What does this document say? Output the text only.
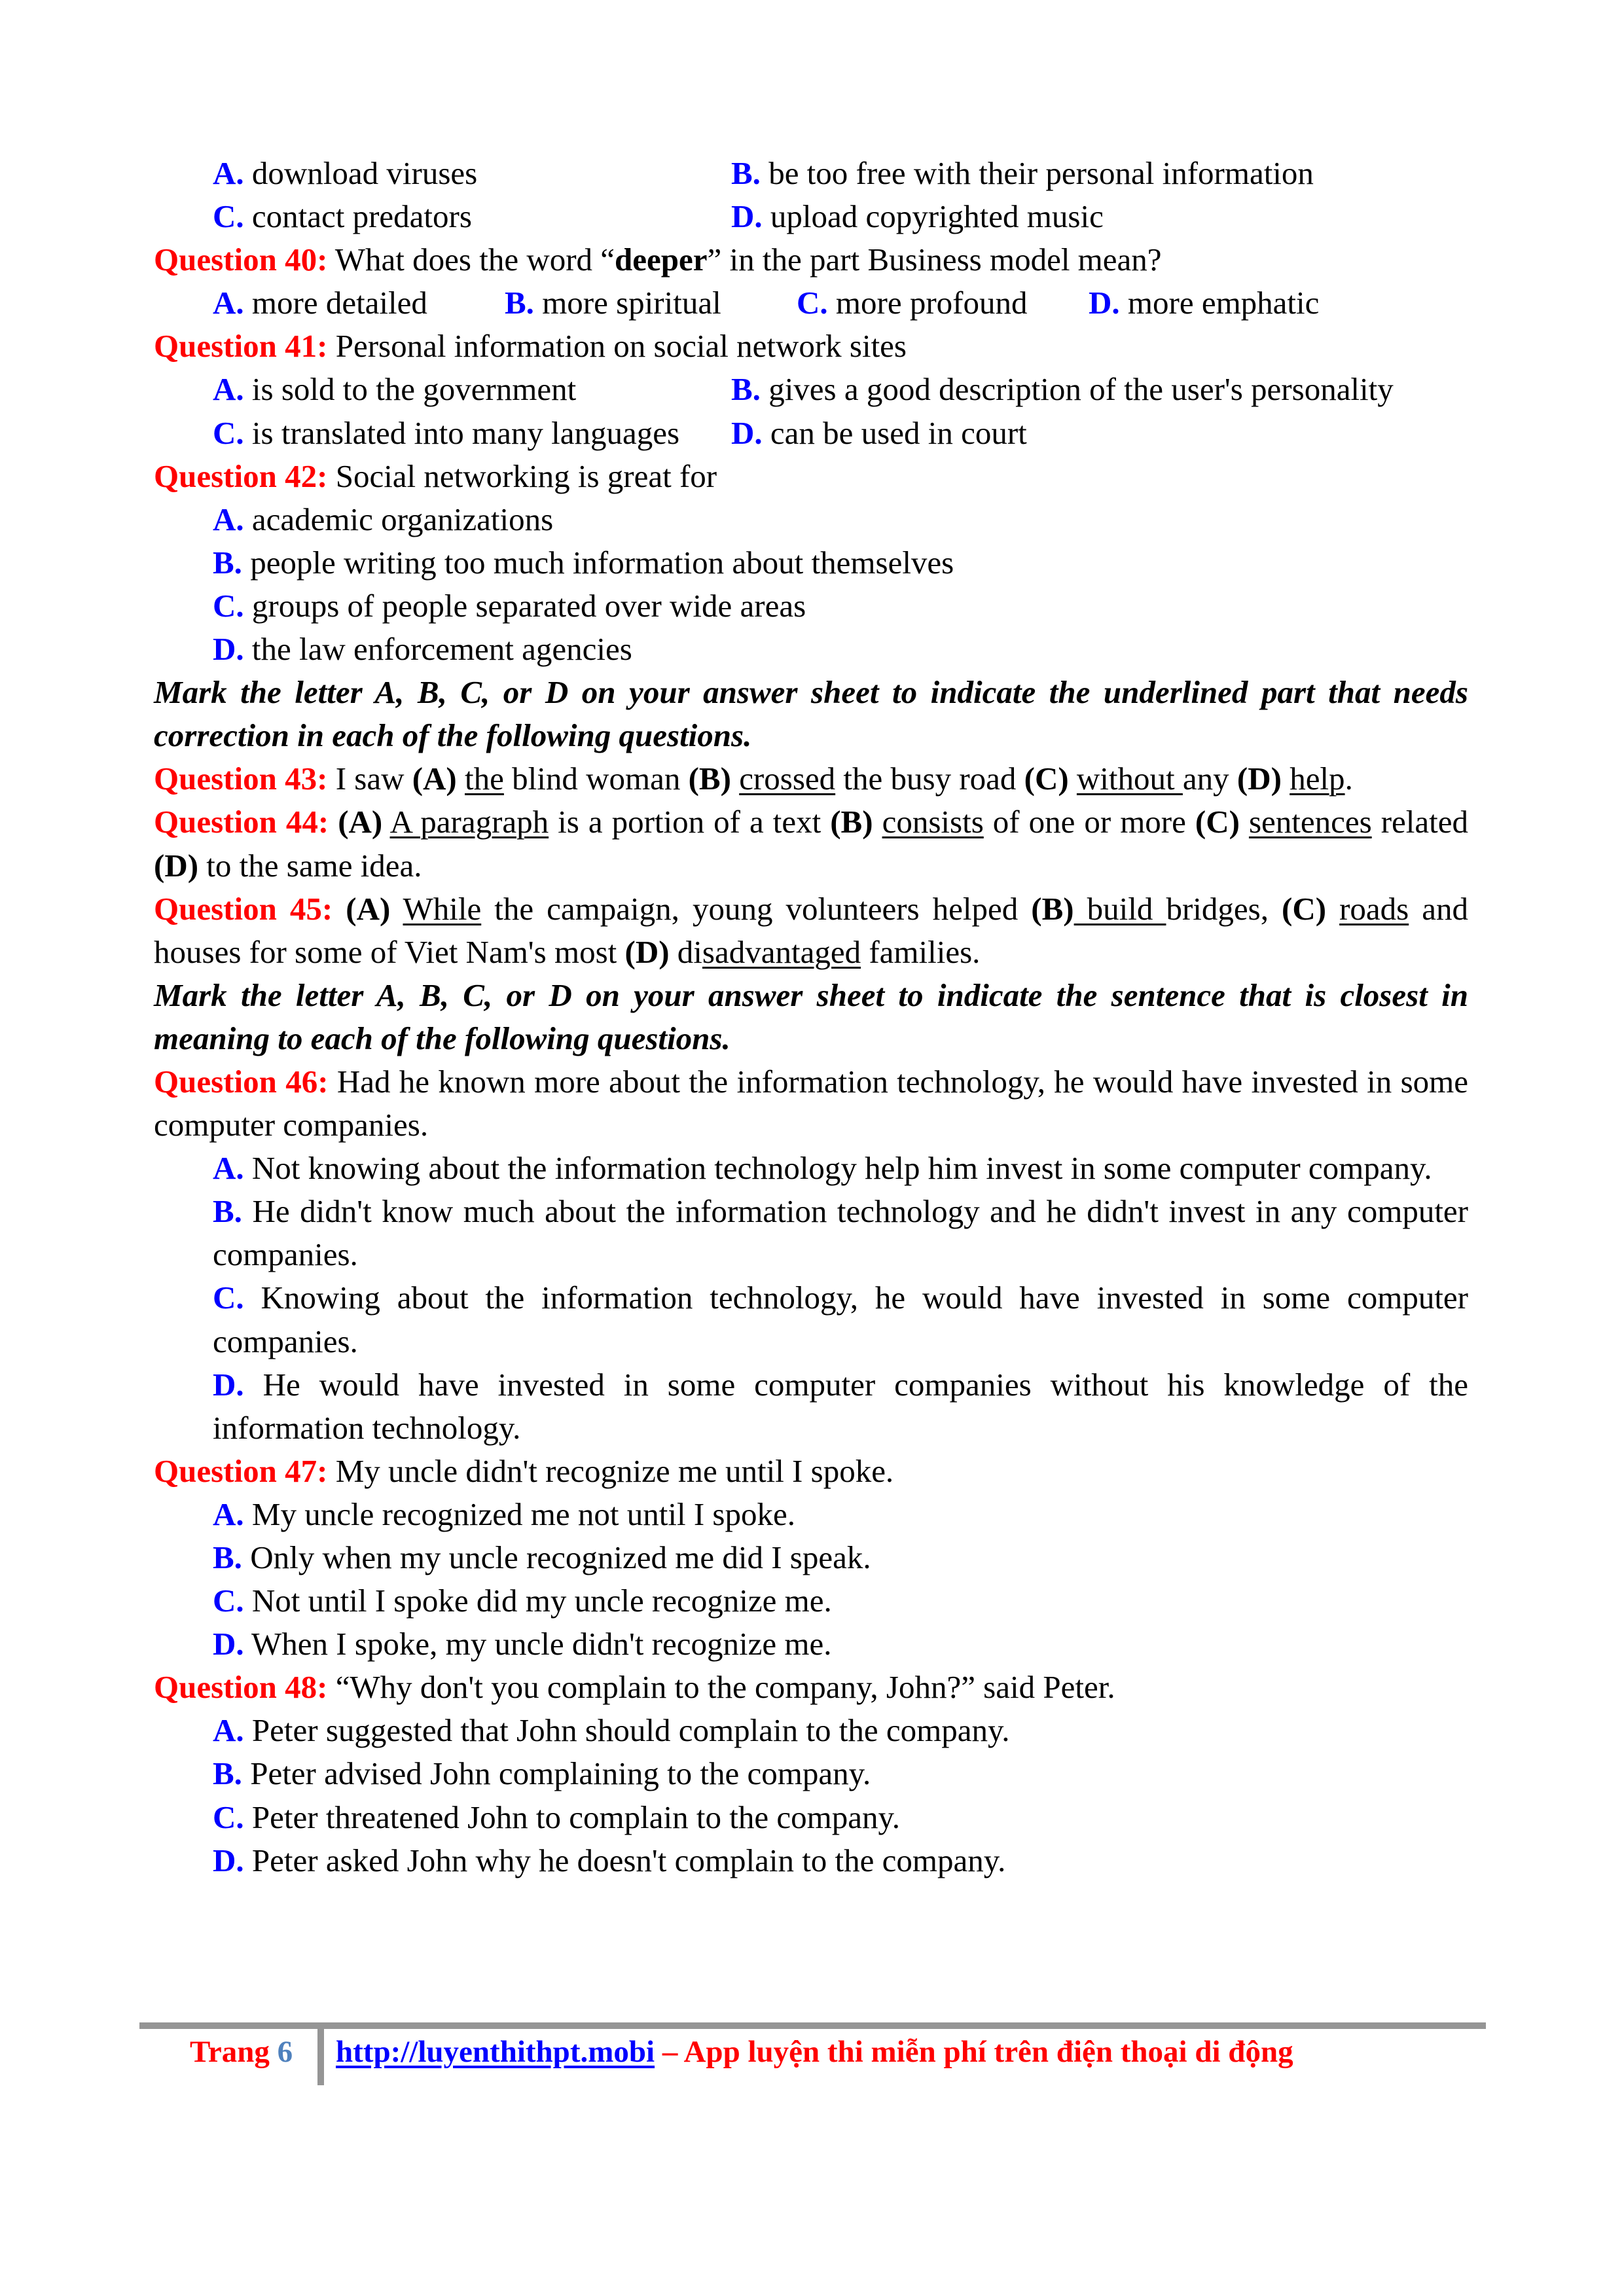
A. download viruses	B. be too free with their personal information
C. contact predators	D. upload copyrighted music
Question 40: What does the word “deeper” in the part Business model mean?
A. more detailed	B. more spiritual	C. more profound	D. more emphatic
Question 41: Personal information on social network sites
A. is sold to the government	B. gives a good description of the user's personality
C. is translated into many languages	D. can be used in court
Question 42: Social networking is great for
A. academic organizations
B. people writing too much information about themselves
C. groups of people separated over wide areas
D. the law enforcement agencies
Mark the letter A, B, C, or D on your answer sheet to indicate the underlined part that needs correction in each of the following questions.
Question 43: I saw (A) the blind woman (B) crossed the busy road (C) without any (D) help.
Question 44: (A) A paragraph is a portion of a text (B) consists of one or more (C) sentences related (D) to the same idea.
Question 45: (A) While the campaign, young volunteers helped (B) build bridges, (C) roads and houses for some of Viet Nam's most (D) disadvantaged families.
Mark the letter A, B, C, or D on your answer sheet to indicate the sentence that is closest in meaning to each of the following questions.
Question 46: Had he known more about the information technology, he would have invested in some computer companies.
A. Not knowing about the information technology help him invest in some computer company.
B. He didn't know much about the information technology and he didn't invest in any computer companies.
C. Knowing about the information technology, he would have invested in some computer companies.
D. He would have invested in some computer companies without his knowledge of the information technology.
Question 47: My uncle didn't recognize me until I spoke.
A. My uncle recognized me not until I spoke.
B. Only when my uncle recognized me did I speak.
C. Not until I spoke did my uncle recognize me.
D. When I spoke, my uncle didn't recognize me.
Question 48: “Why don't you complain to the company, John?” said Peter.
A. Peter suggested that John should complain to the company.
B. Peter advised John complaining to the company.
C. Peter threatened John to complain to the company.
D. Peter asked John why he doesn't complain to the company.
Trang 6 http://luyenthithpt.mobi – App luyện thi miễn phí trên điện thoại di động
